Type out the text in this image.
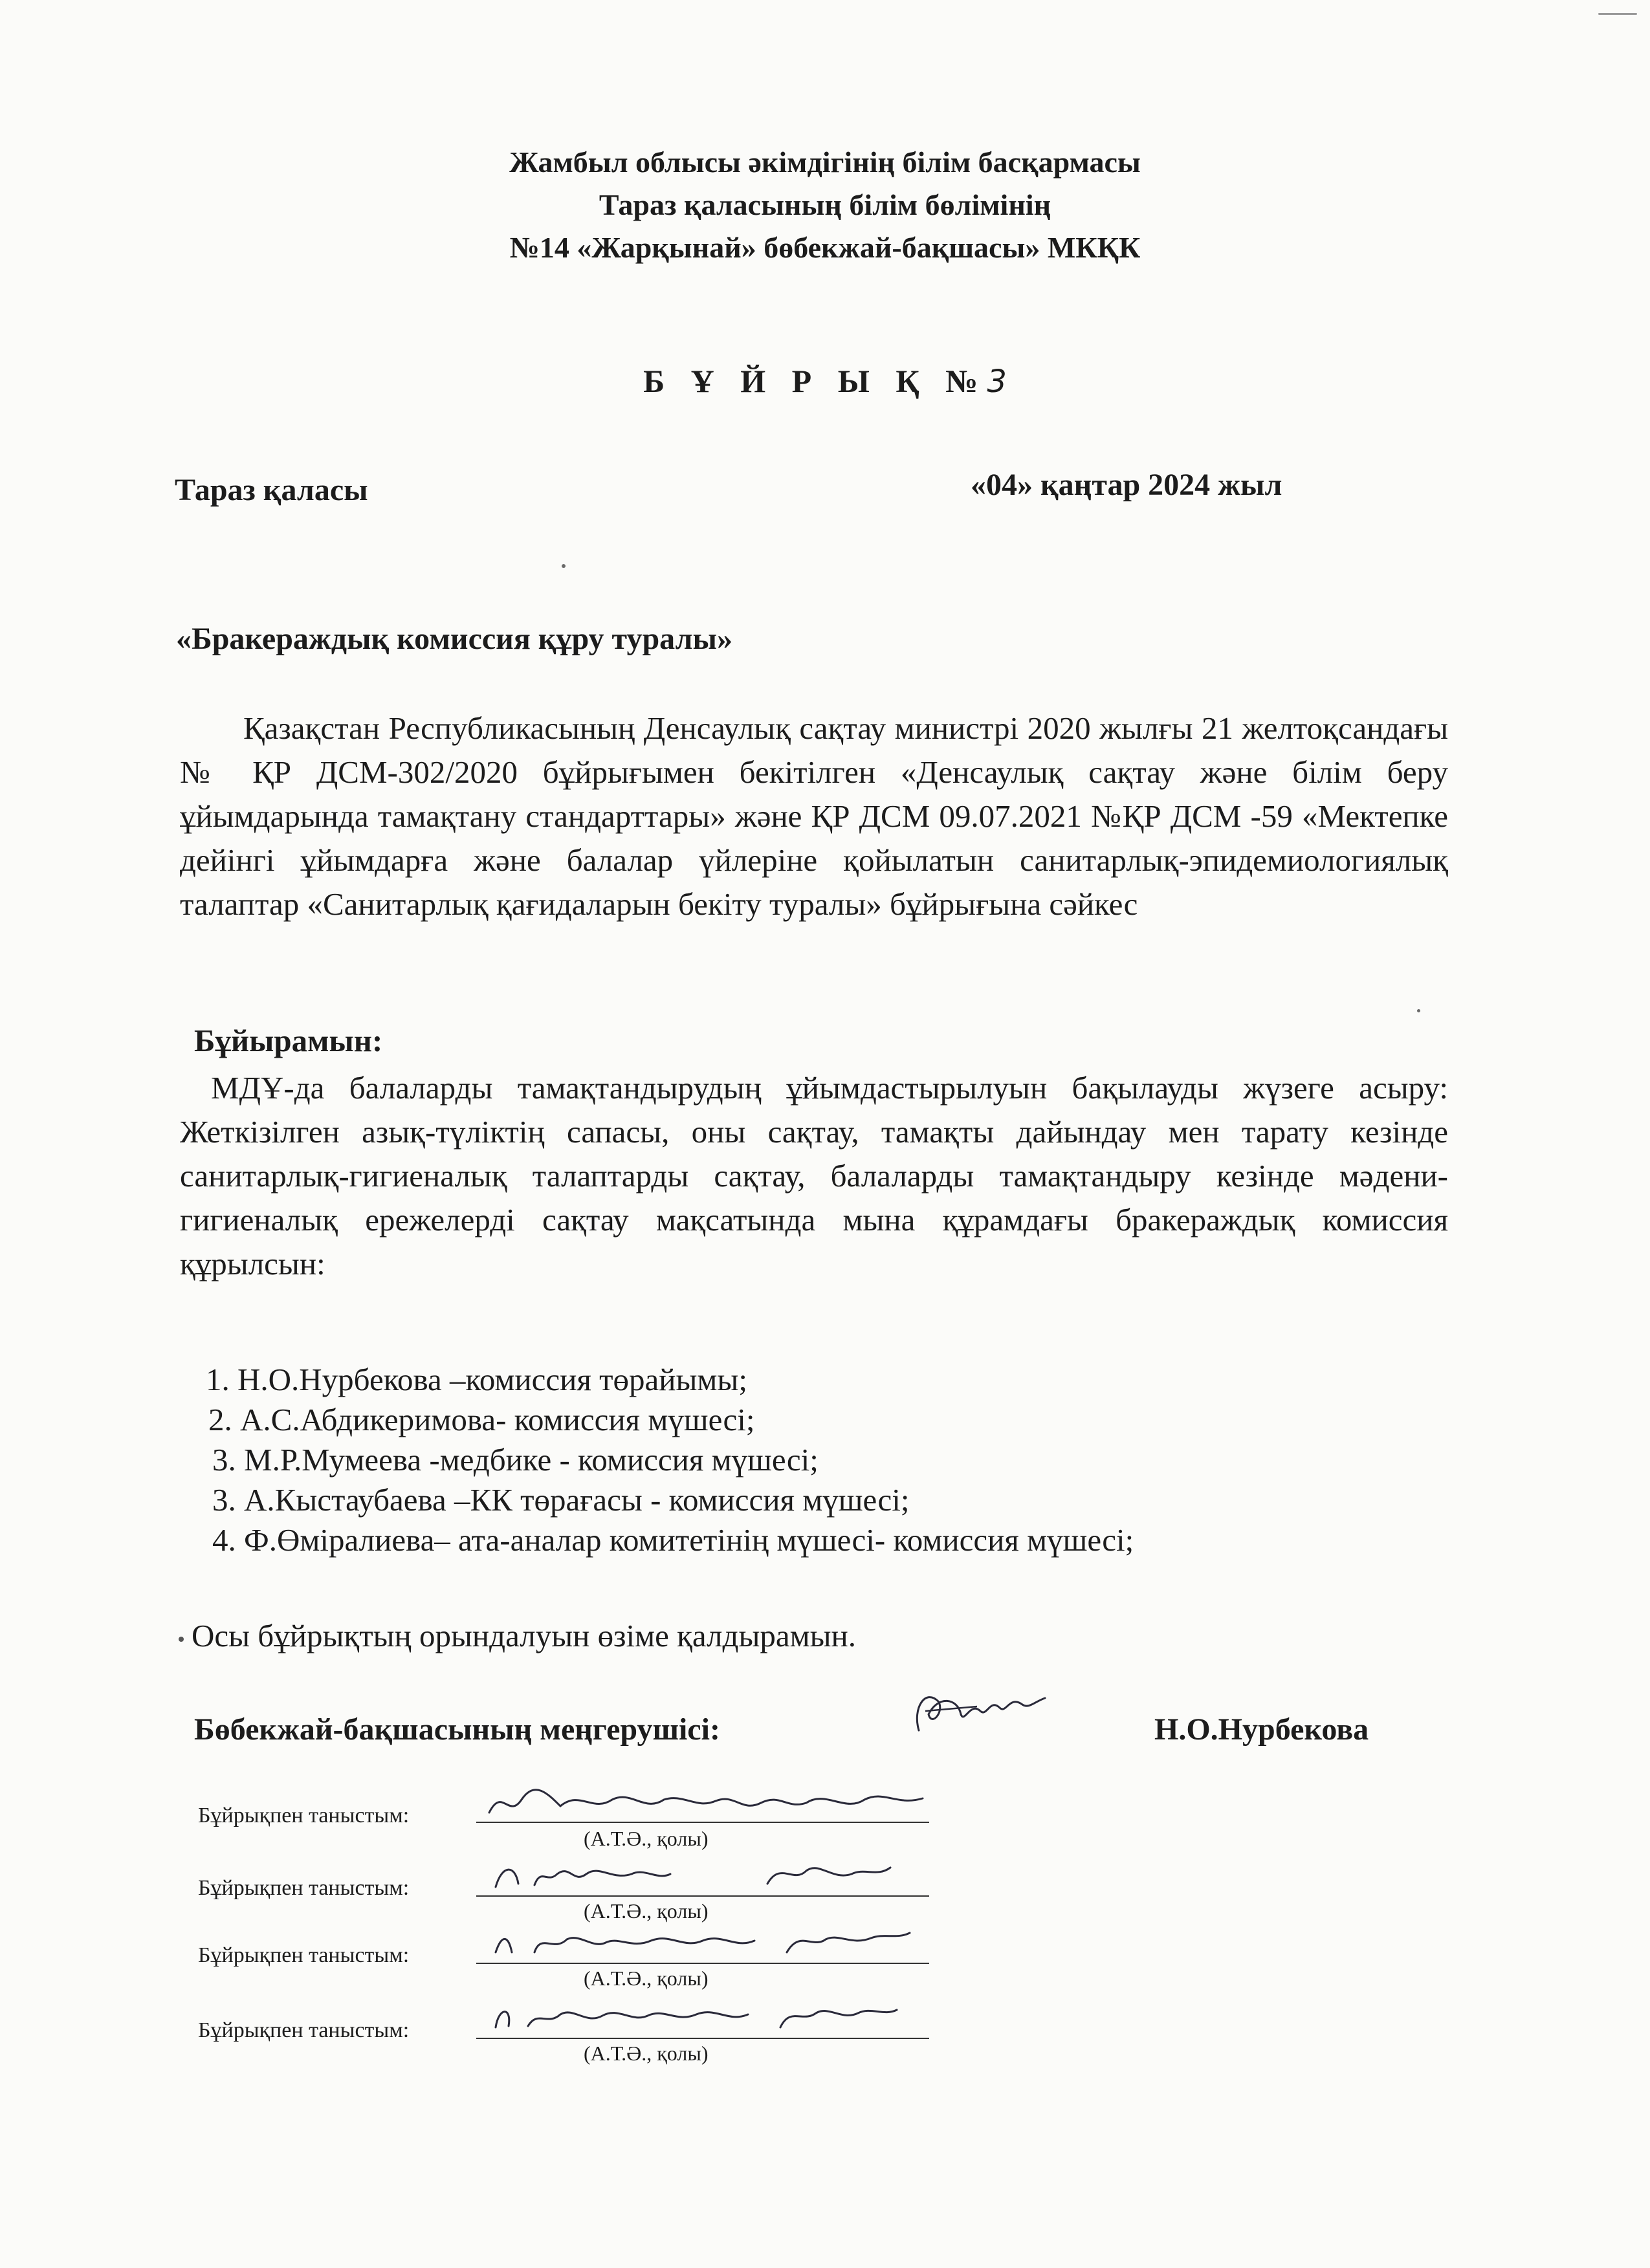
Жамбыл облысы әкімдігінің білім басқармасы
Тараз қаласының білім бөлімінің
№14 «Жарқынай» бөбекжай-бақшасы» МКҚК
Б Ұ Й Р Ы Қ №3
Тараз қаласы	«04» қаңтар 2024 жыл
«Бракераждық комиссия құру туралы»
Қазақстан Республикасының Денсаулық сақтау министрі 2020 жылғы 21 желтоқсандағы № ҚР ДСМ-302/2020 бұйрығымен бекітілген «Денсаулық сақтау және білім беру ұйымдарында тамақтану стандарттары» және ҚР ДСМ 09.07.2021 №ҚР ДСМ -59 «Мектепке дейінгі ұйымдарға және балалар үйлеріне қойылатын санитарлық-эпидемиологиялық талаптар «Санитарлық қағидаларын бекіту туралы» бұйрығына сәйкес
Бұйырамын:
МДҰ-да балаларды тамақтандырудың ұйымдастырылуын бақылауды жүзеге асыру: Жеткізілген азық-түліктің сапасы, оны сақтау, тамақты дайындау мен тарату кезінде санитарлық-гигиеналық талаптарды сақтау, балаларды тамақтандыру кезінде мәдени-гигиеналық ережелерді сақтау мақсатында мына құрамдағы бракераждық комиссия құрылсын:
1. Н.О.Нурбекова –комиссия төрайымы;
2. А.С.Абдикеримова- комиссия мүшесі;
3. М.Р.Мумеева -медбике - комиссия мүшесі;
3. А.Кыстаубаева –КК төрағасы - комиссия мүшесі;
4. Ф.Өміралиева– ата-аналар комитетінің мүшесі- комиссия мүшесі;
Осы бұйрықтың орындалуын өзіме қалдырамын.
Бөбекжай-бақшасының меңгерушісі:	Н.О.Нурбекова
Бұйрықпен таныстым:
(А.Т.Ә., қолы)
Бұйрықпен таныстым:
(А.Т.Ә., қолы)
Бұйрықпен таныстым:
(А.Т.Ә., қолы)
Бұйрықпен таныстым:
(А.Т.Ә., қолы)
